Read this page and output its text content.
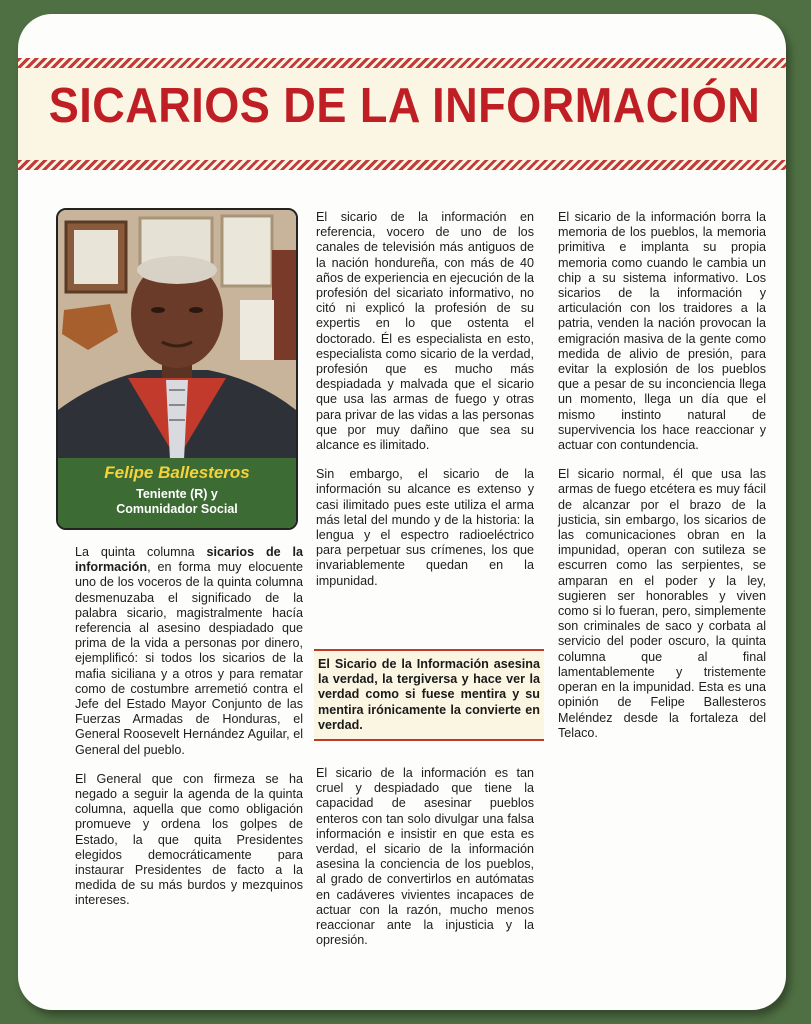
SICARIOS DE LA INFORMACIÓN
Felipe Ballesteros
Teniente (R) y
Comunidador Social

La quinta columna sicarios de la información, en forma muy elocuente uno de los voceros de la quinta columna desmenuzaba el significado de la palabra sicario, magistralmente hacía referencia al asesino despiadado que prima de la vida a personas por dinero, ejemplificó: si todos los sicarios de la mafia siciliana y a otros y para rematar como de costumbre arremetió contra el Jefe del Estado Mayor Conjunto de las Fuerzas Armadas de Honduras, el General Roosevelt Hernández Aguilar, el General del pueblo.

El General que con firmeza se ha negado a seguir la agenda de la quinta columna, aquella que como obligación promueve y ordena los golpes de Estado, la que quita Presidentes elegidos democráticamente para instaurar Presidentes de facto a la medida de su más burdos y mezquinos intereses.

El sicario de la información en referencia, vocero de uno de los canales de televisión más antiguos de la nación hondureña, con más de 40 años de experiencia en ejecución de la profesión del sicariato informativo, no citó ni explicó la profesión de su expertis en lo que ostenta el doctorado. Él es especialista en esto, especialista como sicario de la verdad, profesión que es mucho más despiadada y malvada que el sicario que usa las armas de fuego y otras para privar de las vidas a las personas que por muy dañino que sea su alcance es ilimitado.

Sin embargo, el sicario de la información su alcance es extenso y casi ilimitado pues este utiliza el arma más letal del mundo y de la historia: la lengua y el espectro radioeléctrico para perpetuar sus crímenes, los que invariablemente quedan en la impunidad.

El Sicario de la Información asesina la verdad, la tergiversa y hace ver la verdad como si fuese mentira y su mentira irónicamente la convierte en verdad.

El sicario de la información es tan cruel y despiadado que tiene la capacidad de asesinar pueblos enteros con tan solo divulgar una falsa información e insistir en que esta es verdad, el sicario de la información asesina la conciencia de los pueblos, al grado de convertirlos en autómatas en cadáveres vivientes incapaces de actuar con la razón, mucho menos reaccionar ante la injusticia y la opresión.

El sicario de la información borra la memoria de los pueblos, la memoria primitiva e implanta su propia memoria como cuando le cambia un chip a su sistema informativo. Los sicarios de la información y articulación con los traidores a la patria, venden la nación provocan la emigración masiva de la gente como medida de alivio de presión, para evitar la explosión de los pueblos que a pesar de su inconciencia llega un momento, llega un día que el mismo instinto natural de supervivencia los hace reaccionar y actuar con contundencia.

El sicario normal, él que usa las armas de fuego etcétera es muy fácil de alcanzar por el brazo de la justicia, sin embargo, los sicarios de las comunicaciones obran en la impunidad, operan con sutileza se escurren como las serpientes, se amparan en el poder y la ley, sugieren ser honorables y viven como si lo fueran, pero, simplemente son criminales de saco y corbata al servicio del poder oscuro, la quinta columna que al final lamentablemente y tristemente operan en la impunidad. Esta es una opinión de Felipe Ballesteros Meléndez desde la fortaleza del Telaco.
